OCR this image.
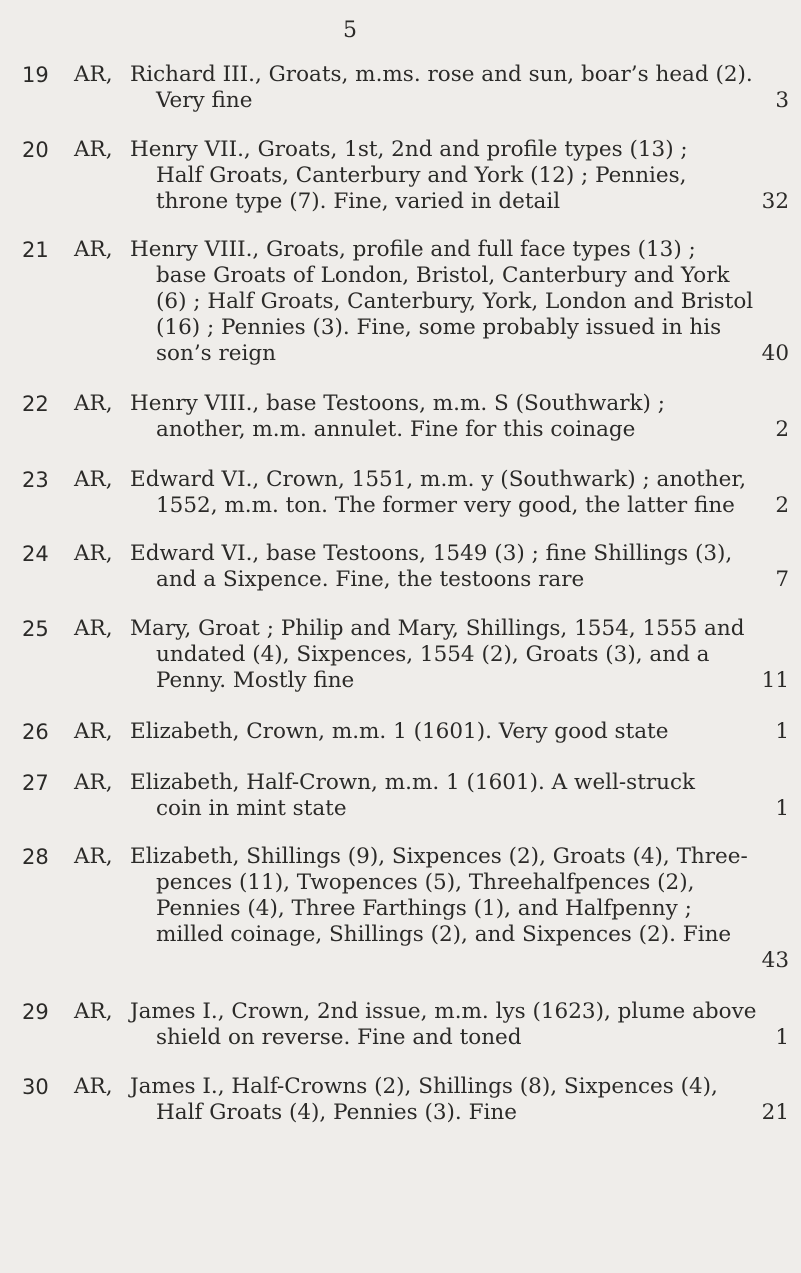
5
19	AR, Richard III., Groats, m.ms. rose and sun, boar’s head (2).
Very fine	3
20	AR, Henry VII., Groats, 1st, 2nd and profile types (13) ;
Half Groats, Canterbury and York (12) ; Pennies,
throne type (7). Fine, varied in detail	32
21	AR, Henry VIII., Groats, profile and full face types (13) ;
base Groats of London, Bristol, Canterbury and York
(6) ; Half Groats, Canterbury, York, London and Bristol
(16) ; Pennies (3). Fine, some probably issued in his
son’s reign	40
22	AR, Henry VIII., base Testoons, m.m. S (Southwark) ;
another, m.m. annulet. Fine for this coinage	2
23	AR, Edward VI., Crown, 1551, m.m. y (Southwark) ; another,
1552, m.m. ton. The former very good, the latter fine	2
24	AR, Edward VI., base Testoons, 1549 (3) ; fine Shillings (3),
and a Sixpence. Fine, the testoons rare	7
25	AR, Mary, Groat ; Philip and Mary, Shillings, 1554, 1555 and
undated (4), Sixpences, 1554 (2), Groats (3), and a
Penny. Mostly fine	11
26	AR, Elizabeth, Crown, m.m. 1 (1601). Very good state	1
27	AR, Elizabeth, Half-Crown, m.m. 1 (1601). A well-struck
coin in mint state	1
28	AR, Elizabeth, Shillings (9), Sixpences (2), Groats (4), Three-
pences (11), Twopences (5), Threehalfpences (2),
Pennies (4), Three Farthings (1), and Halfpenny ;
milled coinage, Shillings (2), and Sixpences (2). Fine
43
29	AR, James I., Crown, 2nd issue, m.m. lys (1623), plume above
shield on reverse. Fine and toned	1
30	AR, James I., Half-Crowns (2), Shillings (8), Sixpences (4),
Half Groats (4), Pennies (3). Fine	21
